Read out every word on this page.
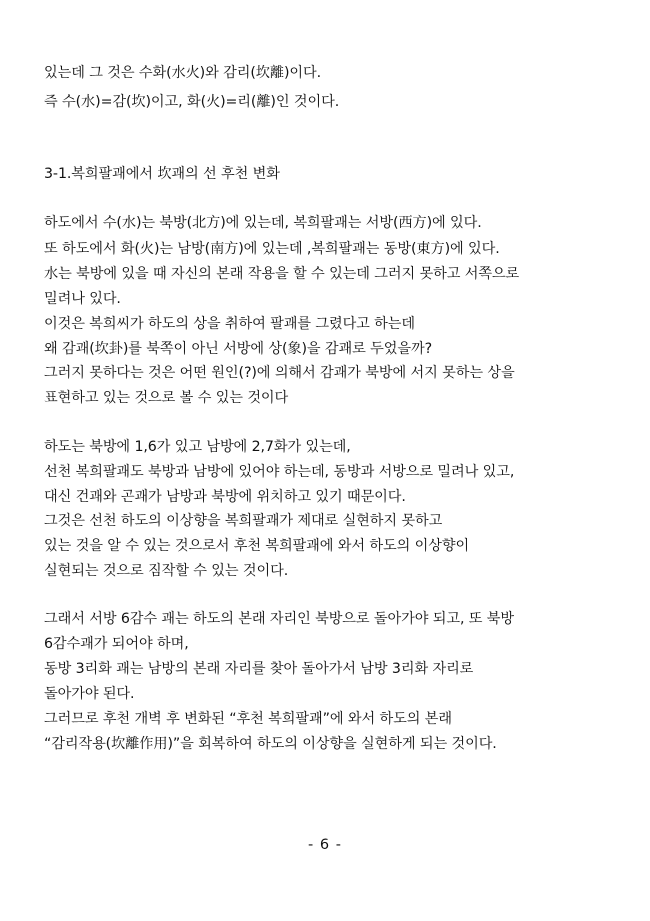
있는데 그 것은 수화(水火)와 감리(坎離)이다.
즉 수(水)=감(坎)이고, 화(火)=리(離)인 것이다.
3-1.복희팔괘에서 坎괘의 선 후천 변화
하도에서 수(水)는 북방(北方)에 있는데, 복희팔괘는 서방(西方)에 있다.
또 하도에서 화(火)는 남방(南方)에 있는데 ,복희팔괘는 동방(東方)에 있다.
水는 북방에 있을 때 자신의 본래 작용을 할 수 있는데 그러지 못하고 서쪽으로
밀려나 있다.
이것은 복희씨가 하도의 상을 취하여 팔괘를 그렸다고 하는데
왜 감괘(坎卦)를 북쪽이 아닌 서방에 상(象)을 감괘로 두었을까?
그러지 못하다는 것은 어떤 원인(?)에 의해서 감괘가 북방에 서지 못하는 상을
표현하고 있는 것으로 볼 수 있는 것이다
하도는 북방에 1,6가 있고 남방에 2,7화가 있는데,
선천 복희팔괘도 북방과 남방에 있어야 하는데, 동방과 서방으로 밀려나 있고,
대신 건괘와 곤괘가 남방과 북방에 위치하고 있기 때문이다.
그것은 선천 하도의 이상향을 복희팔괘가 제대로 실현하지 못하고
있는 것을 알 수 있는 것으로서 후천 복희팔괘에 와서 하도의 이상향이
실현되는 것으로 짐작할 수 있는 것이다.
그래서 서방 6감수 괘는 하도의 본래 자리인 북방으로 돌아가야 되고, 또 북방
6감수괘가 되어야 하며,
동방 3리화 괘는 남방의 본래 자리를 찾아 돌아가서 남방 3리화 자리로
돌아가야 된다.
그러므로 후천 개벽 후 변화된 “후천 복희팔괘”에 와서 하도의 본래
“감리작용(坎離作用)”을 회복하여 하도의 이상향을 실현하게 되는 것이다.
- 6 -
